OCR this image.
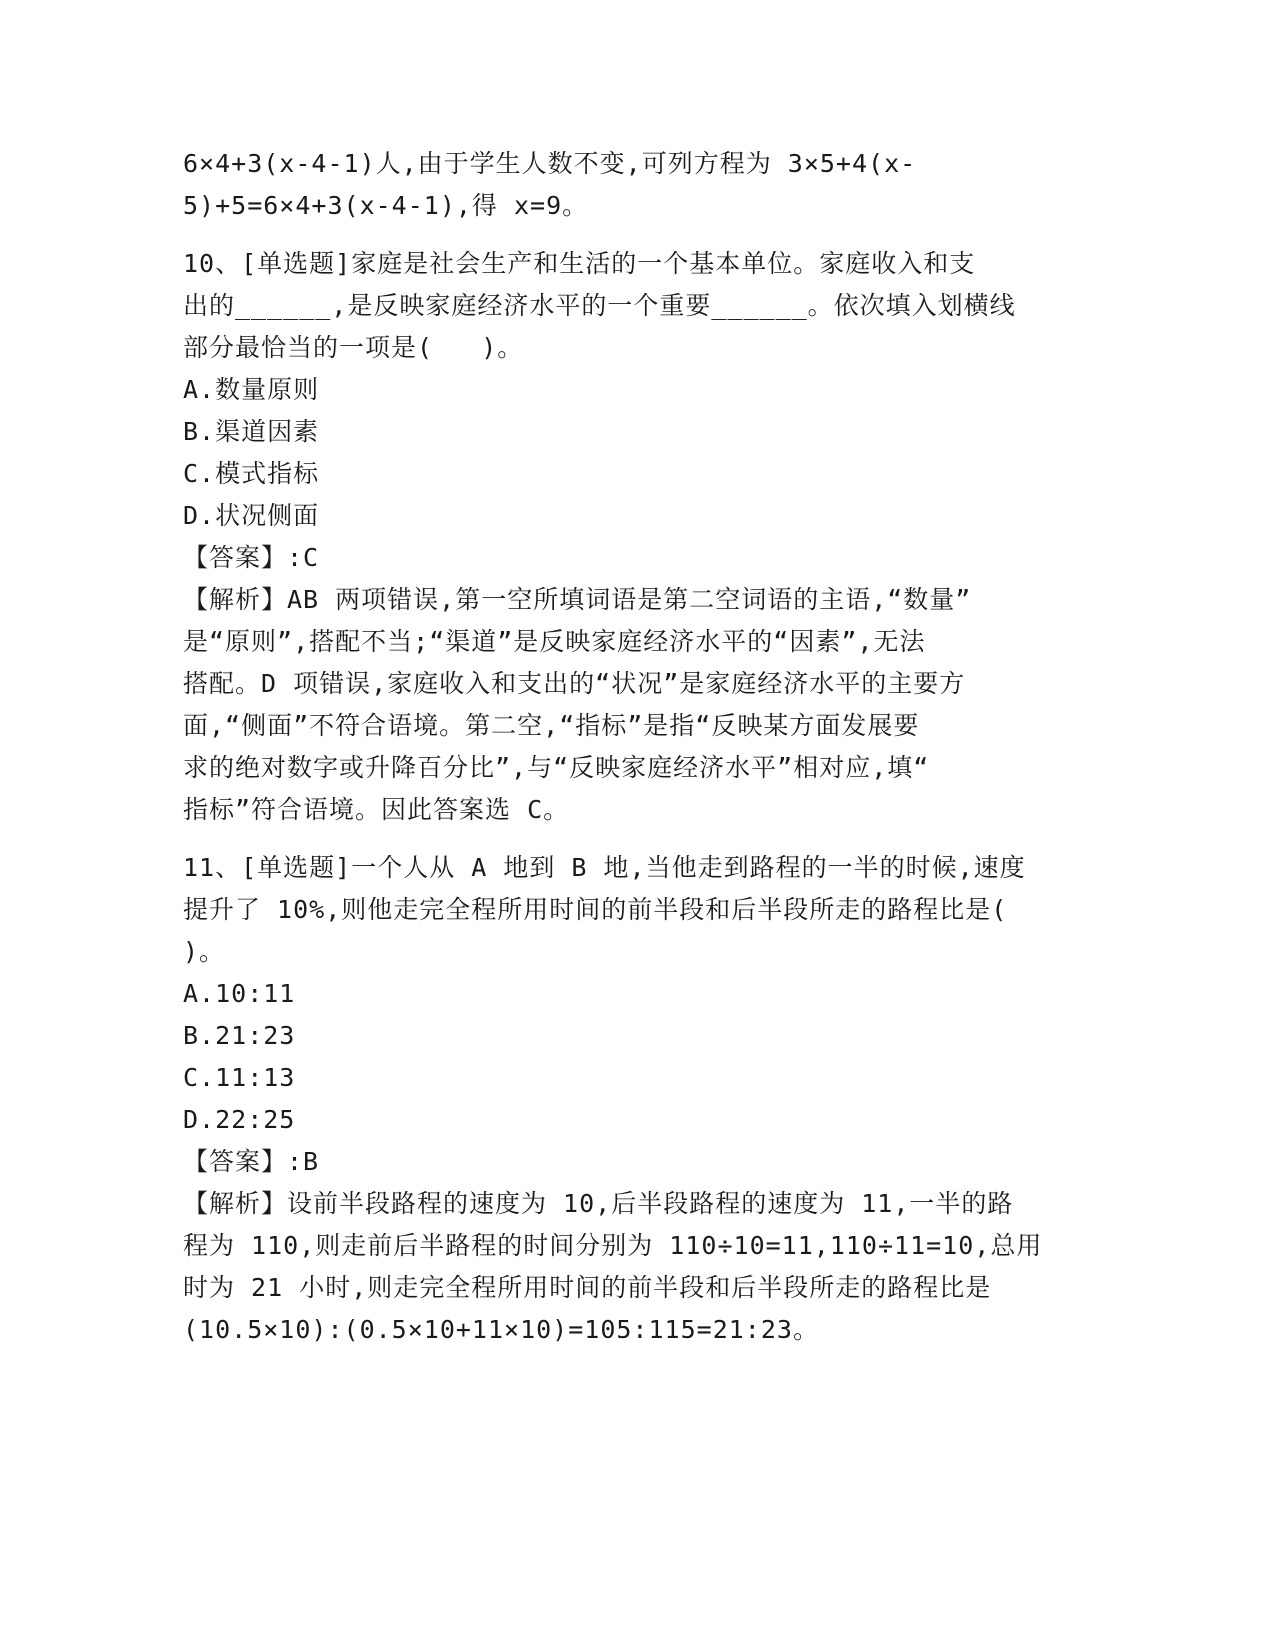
6×4+3(x-4-1)人,由于学生人数不变,可列方程为 3×5+4(x-
5)+5=6×4+3(x-4-1),得 x=9。
10、[单选题]家庭是社会生产和生活的一个基本单位。家庭收入和支
出的______,是反映家庭经济水平的一个重要______。依次填入划横线
部分最恰当的一项是(   )。
A.数量原则
B.渠道因素
C.模式指标
D.状况侧面
【答案】:C
【解析】AB 两项错误,第一空所填词语是第二空词语的主语,“数量”
是“原则”,搭配不当;“渠道”是反映家庭经济水平的“因素”,无法
搭配。D 项错误,家庭收入和支出的“状况”是家庭经济水平的主要方
面,“侧面”不符合语境。第二空,“指标”是指“反映某方面发展要
求的绝对数字或升降百分比”,与“反映家庭经济水平”相对应,填“
指标”符合语境。因此答案选 C。
11、[单选题]一个人从 A 地到 B 地,当他走到路程的一半的时候,速度
提升了 10%,则他走完全程所用时间的前半段和后半段所走的路程比是(
)。
A.10:11
B.21:23
C.11:13
D.22:25
【答案】:B
【解析】设前半段路程的速度为 10,后半段路程的速度为 11,一半的路
程为 110,则走前后半路程的时间分别为 110÷10=11,110÷11=10,总用
时为 21 小时,则走完全程所用时间的前半段和后半段所走的路程比是
(10.5×10):(0.5×10+11×10)=105:115=21:23。
